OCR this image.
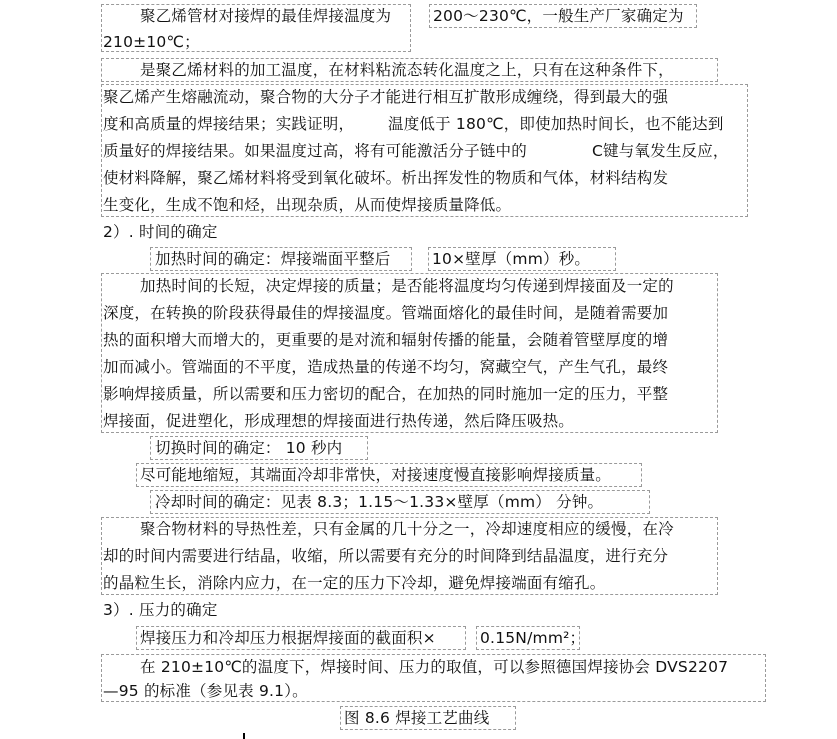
聚乙烯管材对接焊的最佳焊接温度为	200～230℃，一般生产厂家确定为
210±10℃；
是聚乙烯材料的加工温度，在材料粘流态转化温度之上，只有在这种条件下，
聚乙烯产生熔融流动，聚合物的大分子才能进行相互扩散形成缠绕，得到最大的强
度和高质量的焊接结果；实践证明， 温度低于 180℃，即使加热时间长，也不能达到
质量好的焊接结果。如果温度过高，将有可能激活分子链中的	C键与氧发生反应，
使材料降解，聚乙烯材料将受到氧化破坏。析出挥发性的物质和气体，材料结构发
生变化，生成不饱和烃，出现杂质，从而使焊接质量降低。
2）. 时间的确定
加热时间的确定：焊接端面平整后	10×壁厚（mm）秒。
加热时间的长短，决定焊接的质量；是否能将温度均匀传递到焊接面及一定的
深度，在转换的阶段获得最佳的焊接温度。管端面熔化的最佳时间，是随着需要加
热的面积增大而增大的，更重要的是对流和辐射传播的能量，会随着管壁厚度的增
加而减小。管端面的不平度，造成热量的传递不均匀，窝藏空气，产生气孔，最终
影响焊接质量，所以需要和压力密切的配合，在加热的同时施加一定的压力，平整
焊接面，促进塑化，形成理想的焊接面进行热传递，然后降压吸热。
切换时间的确定： 10 秒内
尽可能地缩短，其端面冷却非常快，对接速度慢直接影响焊接质量。
冷却时间的确定：见表 8.3；1.15～1.33×壁厚（mm） 分钟。
聚合物材料的导热性差，只有金属的几十分之一，冷却速度相应的缓慢，在冷
却的时间内需要进行结晶，收缩，所以需要有充分的时间降到结晶温度，进行充分
的晶粒生长，消除内应力，在一定的压力下冷却，避免焊接端面有缩孔。
3）. 压力的确定
焊接压力和冷却压力根据焊接面的截面积×	0.15N/mm²；
在 210±10℃的温度下，焊接时间、压力的取值，可以参照德国焊接协会 DVS2207
—95 的标准（参见表 9.1）。
图 8.6 焊接工艺曲线
